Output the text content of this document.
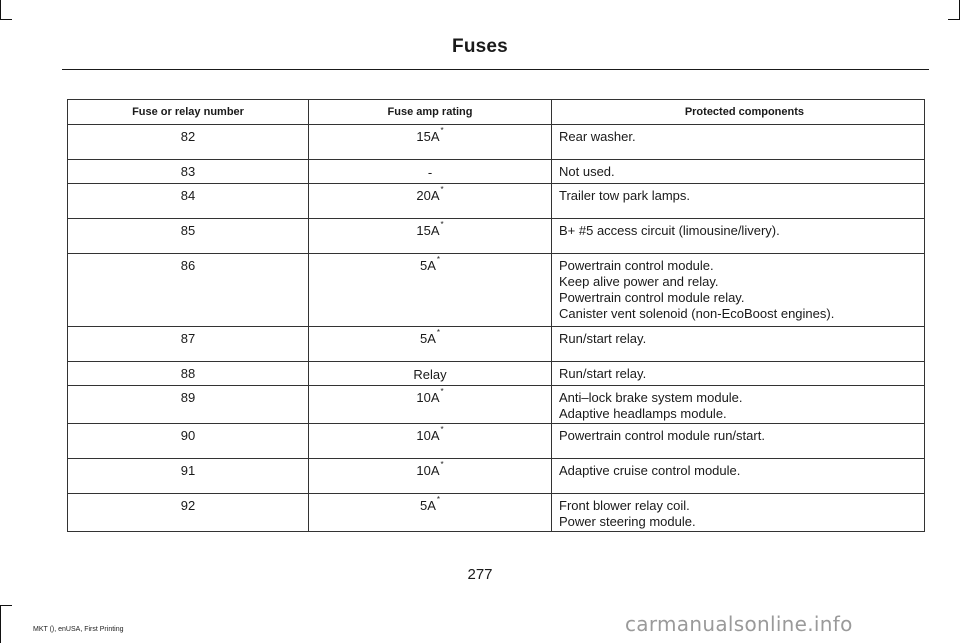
Fuses
Fuse or relay number	Fuse amp rating	Protected components
82	15A*	Rear washer.

83	-	Not used.

84	20A*	Trailer tow park lamps.

85	15A*	B+ #5 access circuit (limousine/livery).

86	5A*	Powertrain control module.
Keep alive power and relay.
Powertrain control module relay.
Canister vent solenoid (non-EcoBoost engines).

87	5A*	Run/start relay.

88	Relay	Run/start relay.

89	10A*	Anti–lock brake system module.
Adaptive headlamps module.

90	10A*	Powertrain control module run/start.

91	10A*	Adaptive cruise control module.

92	5A*	Front blower relay coil.
Power steering module.
277
MKT (), enUSA, First Printing	carmanualsonline.info
